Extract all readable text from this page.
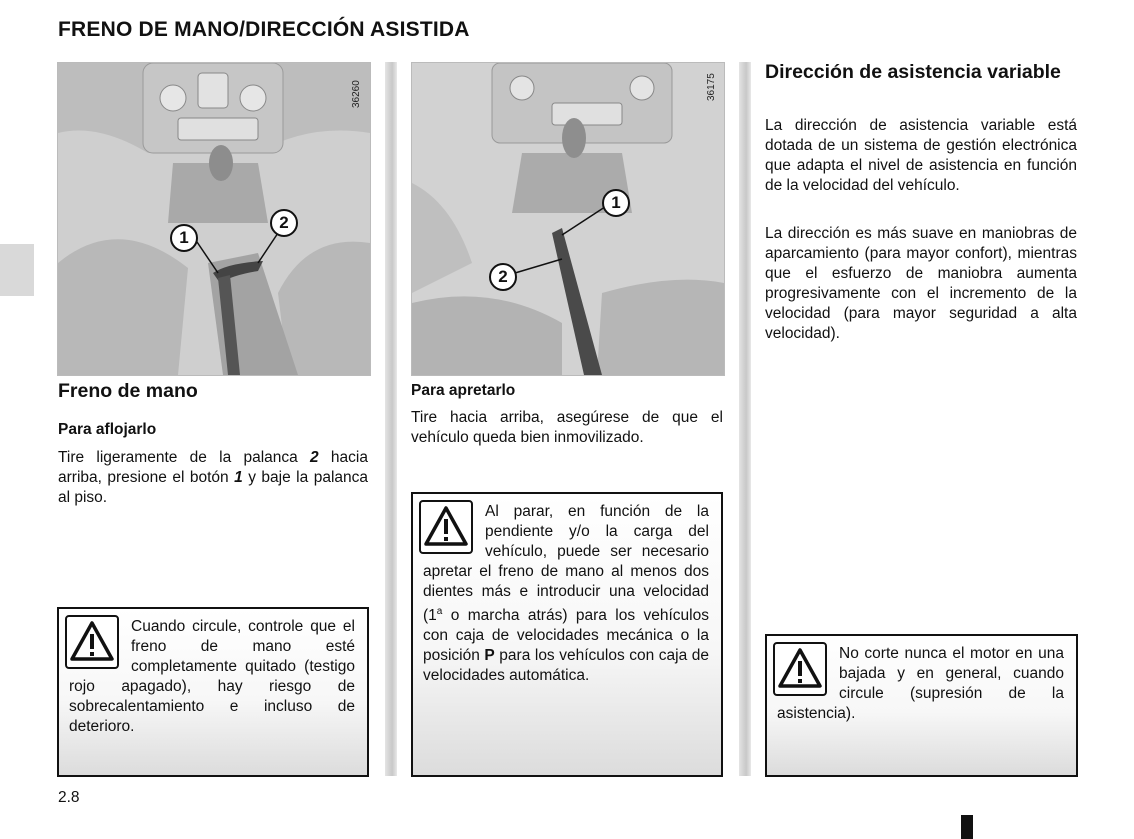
FRENO DE MANO/DIRECCIÓN ASISTIDA
1
2
36260
1
2
36175
Freno de mano
Para aflojarlo
Tire ligeramente de la palanca 2 hacia arriba, presione el botón 1 y baje la palanca al piso.
Cuando circule, controle que el freno de mano esté completamente quitado (testigo rojo apagado), hay riesgo de sobrecalentamiento e incluso de deterioro.
Para apretarlo
Tire hacia arriba, asegúrese de que el vehículo queda bien inmovilizado.
Al parar, en función de la pendiente y/o la carga del vehículo, puede ser necesario apretar el freno de mano al menos dos dientes más e introducir una velocidad (1$^a$ o marcha atrás) para los vehículos con caja de velocidades mecánica o la posición P para los vehículos con caja de velocidades automática.
Dirección de asistencia variable
La dirección de asistencia variable está dotada de un sistema de gestión electrónica que adapta el nivel de asistencia en función de la velocidad del vehículo.
La dirección es más suave en maniobras de aparcamiento (para mayor confort), mientras que el esfuerzo de maniobra aumenta progresivamente con el incremento de la velocidad (para mayor seguridad a alta velocidad).
No corte nunca el motor en una bajada y en general, cuando circule (supresión de la asistencia).
2.8
